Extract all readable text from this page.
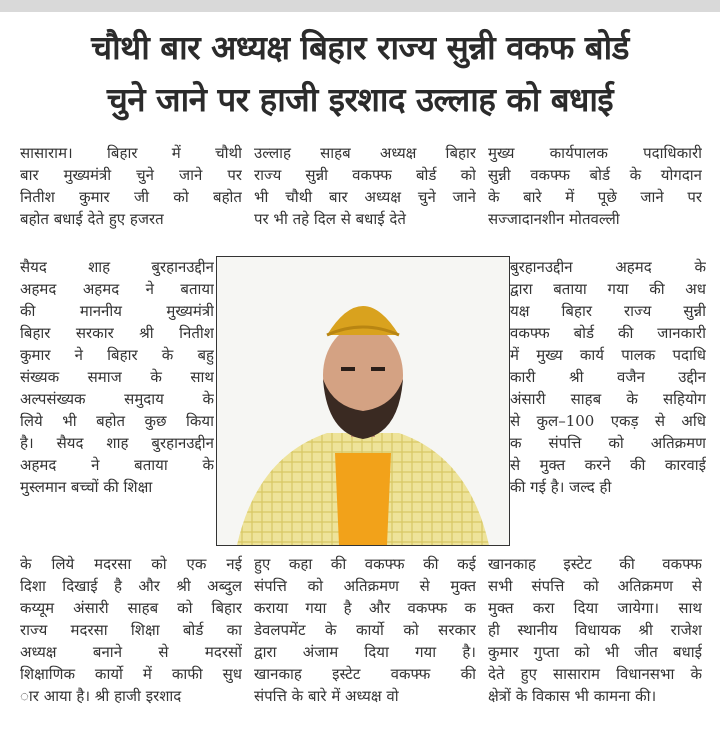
चौथी बार अध्यक्ष बिहार राज्य सुन्नी वकफ बोर्ड
चुने जाने पर हाजी इरशाद उल्लाह को बधाई
सासाराम। बिहार में चौथी
बार मुख्यमंत्री चुने जाने पर
नितीश कुमार जी को बहोत
बहोत बधाई देते हुए हजरत
उल्लाह साहब अध्यक्ष बिहार
राज्य सुन्नी वकफ्फ बोर्ड को
भी चौथी बार अध्यक्ष चुने जाने
पर भी तहे दिल से बधाई देते
मुख्य कार्यपालक पदाधिकारी
सुन्नी वकफ्फ बोर्ड के योगदान
के बारे में पूछे जाने पर
सज्जादानशीन मोतवल्ली
सैयद शाह बुरहानउद्दीन
अहमद अहमद ने बताया
की माननीय मुख्यमंत्री
बिहार सरकार श्री नितीश
कुमार ने बिहार के बहु
संख्यक समाज के साथ
अल्पसंख्यक समुदाय के
लिये भी बहोत कुछ किया
है। सैयद शाह बुरहानउद्दीन
अहमद ने बताया के
मुस्लमान बच्चों की शिक्षा
बुरहानउद्दीन अहमद के
द्वारा बताया गया की अध
यक्ष बिहार राज्य सुन्नी
वकफ्फ बोर्ड की जानकारी
में मुख्य कार्य पालक पदाधि
कारी श्री वजैन उद्दीन
अंसारी साहब के सहियोग
से कुल–100 एकड़ से अधि
क संपत्ति को अतिक्रमण
से मुक्त करने की कारवाई
की गई है। जल्द ही
के लिये मदरसा को एक नई
दिशा दिखाई है और श्री अब्दुल
कय्यूम अंसारी साहब को बिहार
राज्य मदरसा शिक्षा बोर्ड का
अध्यक्ष बनाने से मदरसों
शिक्षाणिक कार्यो में काफी सुध
ार आया है। श्री हाजी इरशाद
हुए कहा की वकफ्फ की कई
संपत्ति को अतिक्रमण से मुक्त
कराया गया है और वकफ्फ क
डेवलपमेंट के कार्यो को सरकार
द्वारा अंजाम दिया गया है।
खानकाह इस्टेट वकफ्फ की
संपत्ति के बारे में अध्यक्ष वो
खानकाह इस्टेट की वकफ्फ
सभी संपत्ति को अतिक्रमण से
मुक्त करा दिया जायेगा। साथ
ही स्थानीय विधायक श्री राजेश
कुमार गुप्ता को भी जीत बधाई
देते हुए सासाराम विधानसभा के
क्षेत्रों के विकास भी कामना की।
